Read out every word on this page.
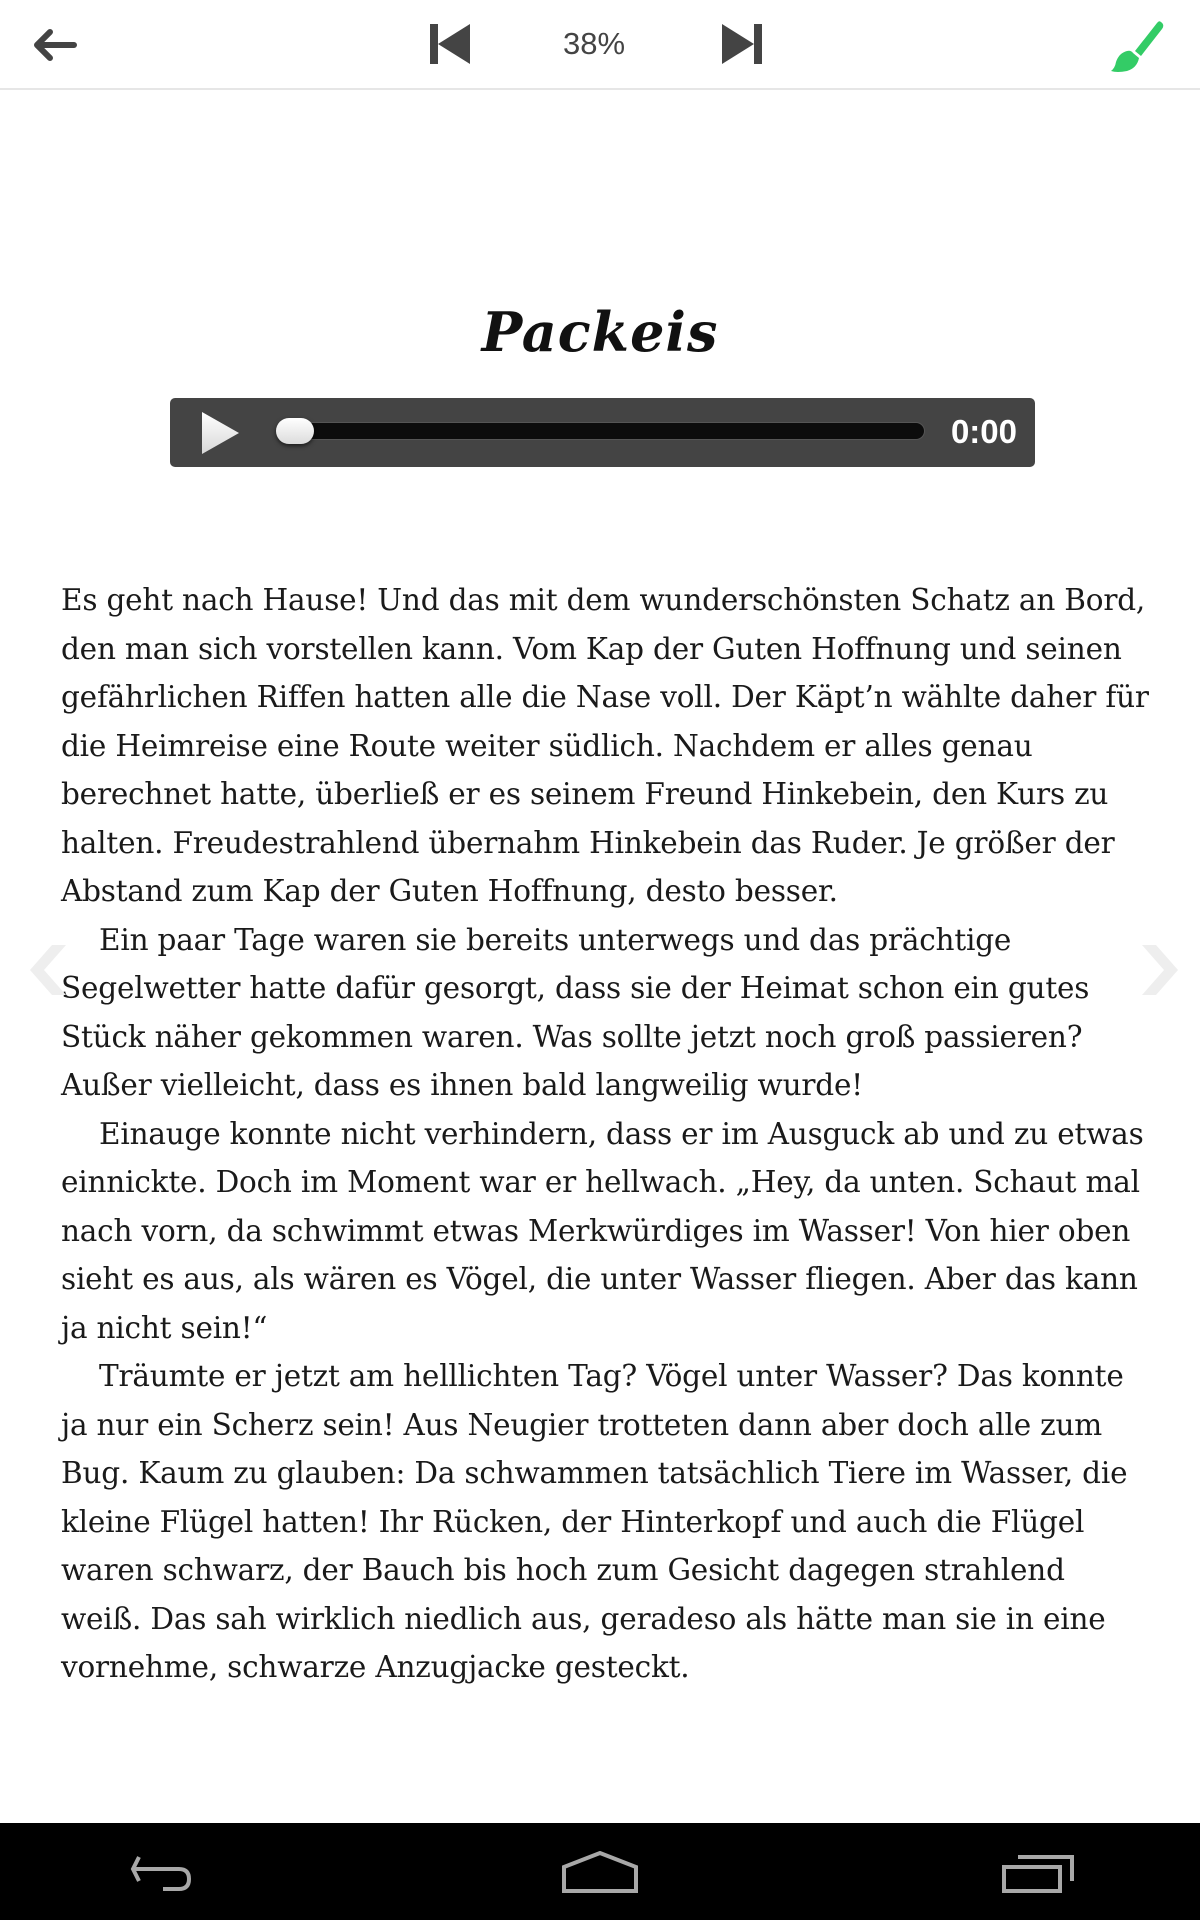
38%
Packeis
0:00

Es geht nach Hause! Und das mit dem wunderschönsten Schatz an Bord, den man sich vorstellen kann. Vom Kap der Guten Hoffnung und seinen gefährlichen Riffen hatten alle die Nase voll. Der Käpt’n wählte daher für die Heimreise eine Route weiter südlich. Nachdem er alles genau berechnet hatte, überließ er es seinem Freund Hinkebein, den Kurs zu halten. Freudestrahlend übernahm Hinkebein das Ruder. Je größer der Abstand zum Kap der Guten Hoffnung, desto besser.

Ein paar Tage waren sie bereits unterwegs und das prächtige Segelwetter hatte dafür gesorgt, dass sie der Heimat schon ein gutes Stück näher gekommen waren. Was sollte jetzt noch groß passieren? Außer vielleicht, dass es ihnen bald langweilig wurde!

Einauge konnte nicht verhindern, dass er im Ausguck ab und zu etwas einnickte. Doch im Moment war er hellwach. „Hey, da unten. Schaut mal nach vorn, da schwimmt etwas Merkwürdiges im Wasser! Von hier oben sieht es aus, als wären es Vögel, die unter Wasser fliegen. Aber das kann ja nicht sein!“

Träumte er jetzt am helllichten Tag? Vögel unter Wasser? Das konnte ja nur ein Scherz sein! Aus Neugier trotteten dann aber doch alle zum Bug. Kaum zu glauben: Da schwammen tatsächlich Tiere im Wasser, die kleine Flügel hatten! Ihr Rücken, der Hinterkopf und auch die Flügel waren schwarz, der Bauch bis hoch zum Gesicht dagegen strahlend weiß. Das sah wirklich niedlich aus, geradeso als hätte man sie in eine vornehme, schwarze Anzugjacke gesteckt.
